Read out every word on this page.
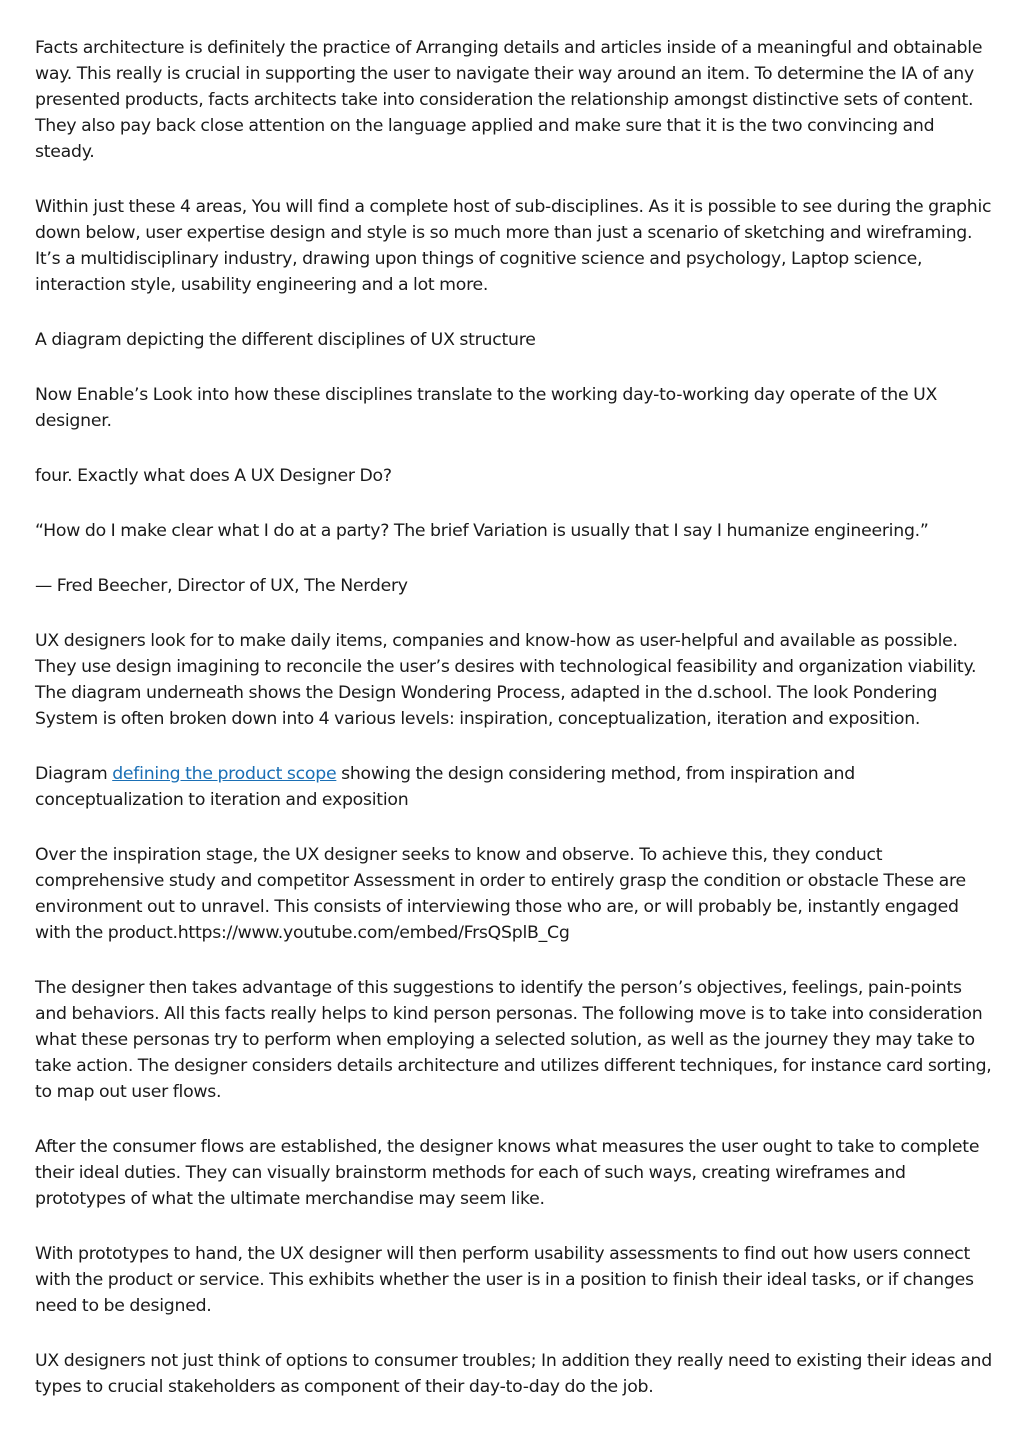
Facts architecture is definitely the practice of Arranging details and articles inside of a meaningful and obtainable way. This really is crucial in supporting the user to navigate their way around an item. To determine the IA of any presented products, facts architects take into consideration the relationship amongst distinctive sets of content. They also pay back close attention on the language applied and make sure that it is the two convincing and steady.

Within just these 4 areas, You will find a complete host of sub-disciplines. As it is possible to see during the graphic down below, user expertise design and style is so much more than just a scenario of sketching and wireframing. It’s a multidisciplinary industry, drawing upon things of cognitive science and psychology, Laptop science, interaction style, usability engineering and a lot more.

A diagram depicting the different disciplines of UX structure

Now Enable’s Look into how these disciplines translate to the working day-to-working day operate of the UX designer.

four. Exactly what does A UX Designer Do?

“How do I make clear what I do at a party? The brief Variation is usually that I say I humanize engineering.”

— Fred Beecher, Director of UX, The Nerdery

UX designers look for to make daily items, companies and know-how as user-helpful and available as possible. They use design imagining to reconcile the user’s desires with technological feasibility and organization viability. The diagram underneath shows the Design Wondering Process, adapted in the d.school. The look Pondering System is often broken down into 4 various levels: inspiration, conceptualization, iteration and exposition.

Diagram defining the product scope showing the design considering method, from inspiration and conceptualization to iteration and exposition

Over the inspiration stage, the UX designer seeks to know and observe. To achieve this, they conduct comprehensive study and competitor Assessment in order to entirely grasp the condition or obstacle These are environment out to unravel. This consists of interviewing those who are, or will probably be, instantly engaged with the product.https://www.youtube.com/embed/FrsQSplB_Cg

The designer then takes advantage of this suggestions to identify the person’s objectives, feelings, pain-points and behaviors. All this facts really helps to kind person personas. The following move is to take into consideration what these personas try to perform when employing a selected solution, as well as the journey they may take to take action. The designer considers details architecture and utilizes different techniques, for instance card sorting, to map out user flows.

After the consumer flows are established, the designer knows what measures the user ought to take to complete their ideal duties. They can visually brainstorm methods for each of such ways, creating wireframes and prototypes of what the ultimate merchandise may seem like.

With prototypes to hand, the UX designer will then perform usability assessments to find out how users connect with the product or service. This exhibits whether the user is in a position to finish their ideal tasks, or if changes need to be designed.

UX designers not just think of options to consumer troubles; In addition they really need to existing their ideas and types to crucial stakeholders as component of their day-to-day do the job.
